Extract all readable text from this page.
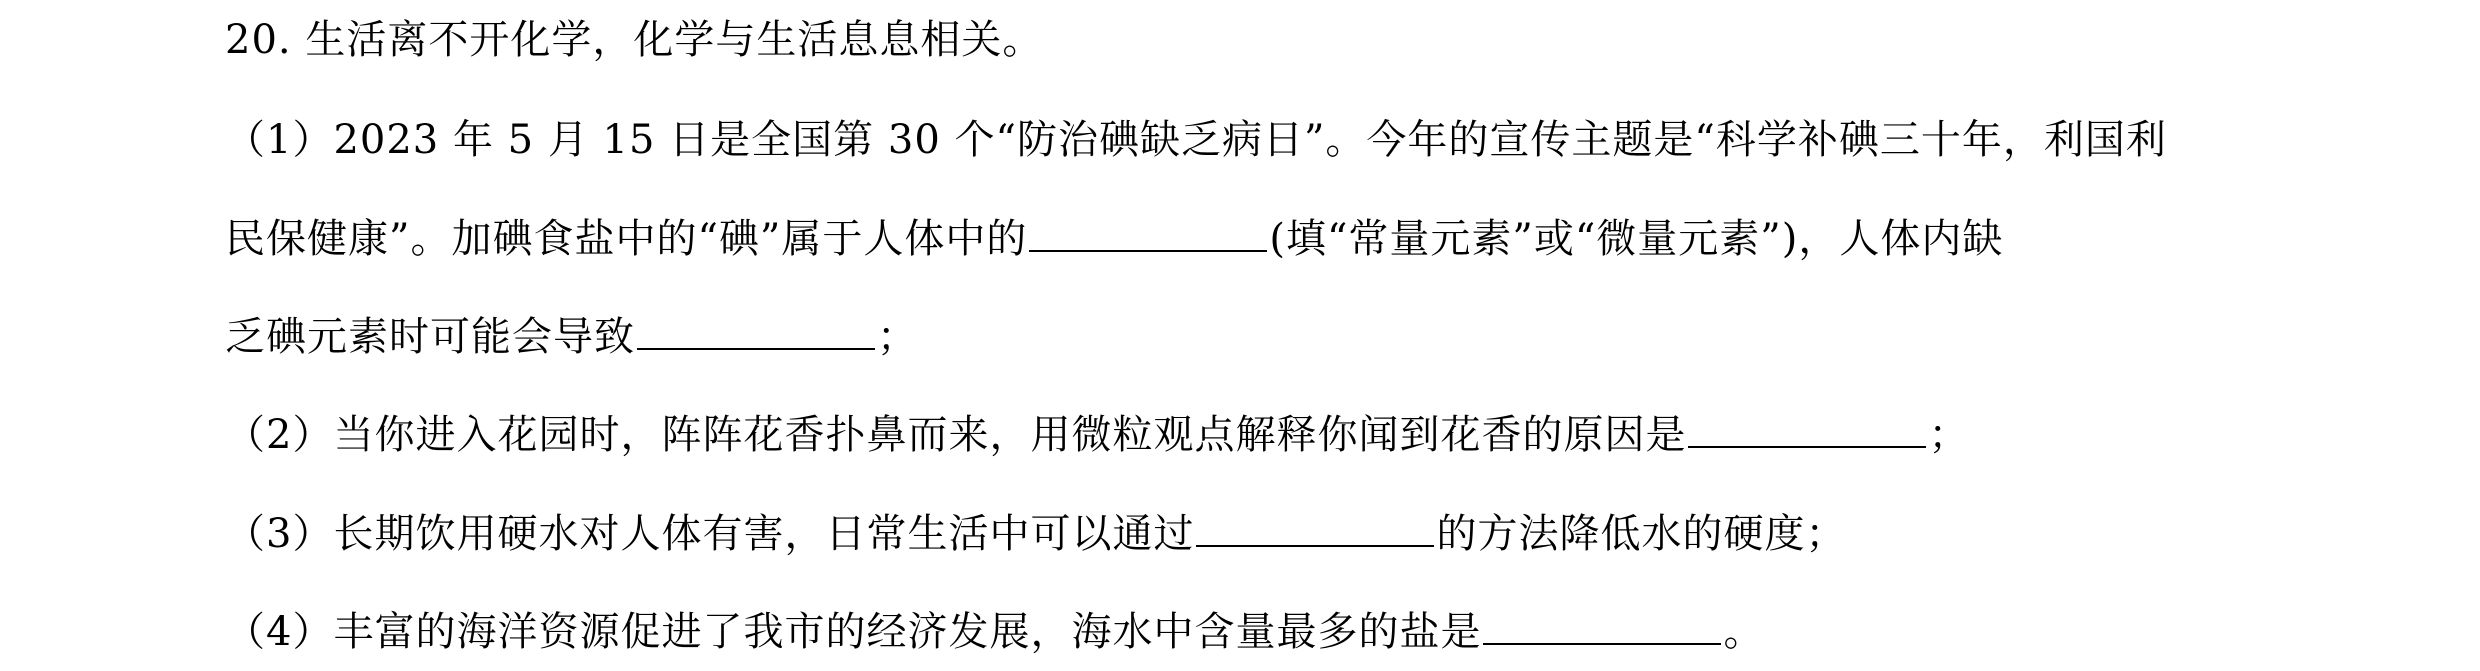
20. 生活离不开化学，化学与生活息息相关。
（1）2023 年 5 月 15 日是全国第 30 个“防治碘缺乏病日”。今年的宣传主题是“科学补碘三十年，利国利
民保健康”。加碘食盐中的“碘”属于人体中的	(填“常量元素”或“微量元素”)，人体内缺
乏碘元素时可能会导致	；
（2）当你进入花园时，阵阵花香扑鼻而来，用微粒观点解释你闻到花香的原因是	；
（3）长期饮用硬水对人体有害，日常生活中可以通过	的方法降低水的硬度；
（4）丰富的海洋资源促进了我市的经济发展，海水中含量最多的盐是	。
